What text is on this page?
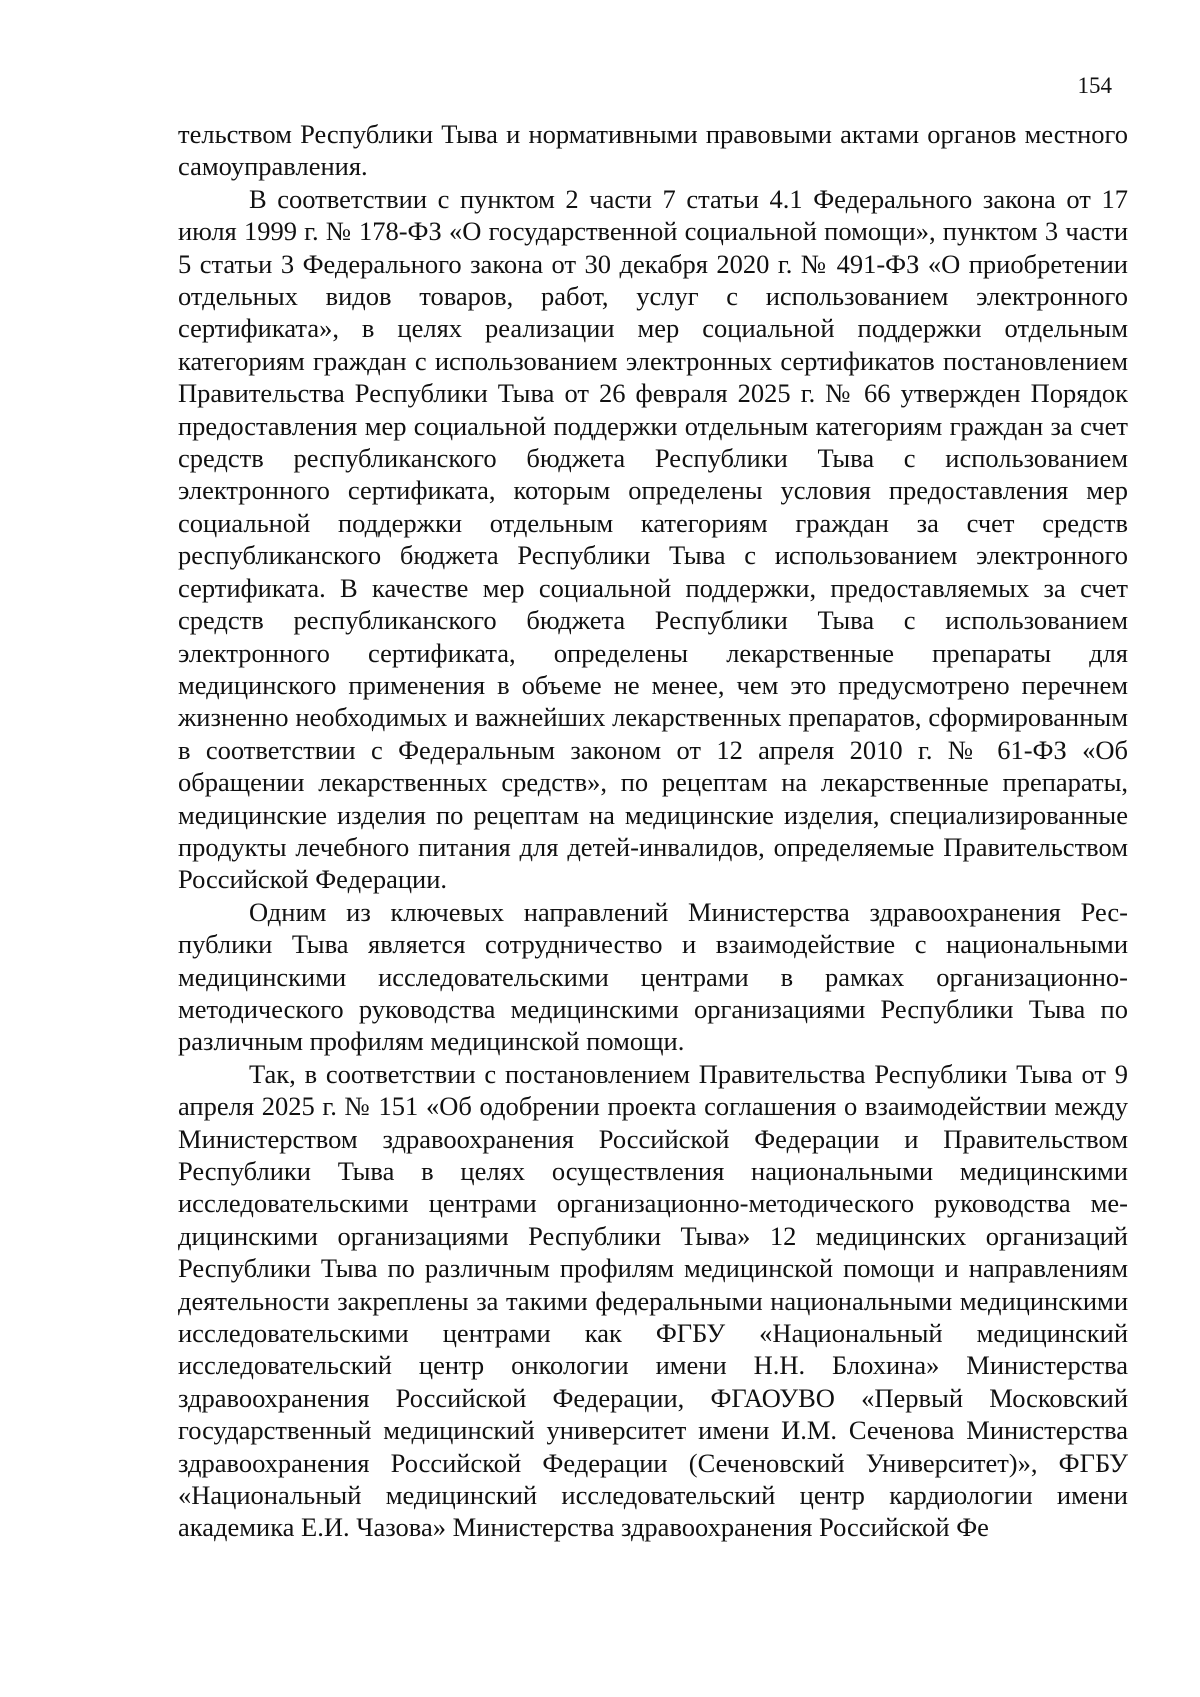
154

тельством Республики Тыва и нормативными правовыми актами органов местного самоуправления.

В соответствии с пунктом 2 части 7 статьи 4.1 Федерального закона от 17 июля 1999 г. № 178-ФЗ «О государственной социальной помощи», пунктом 3 части 5 статьи 3 Федерального закона от 30 декабря 2020 г. № 491-ФЗ «О приобретении отдельных видов товаров, работ, услуг с использованием электронного сертификата», в целях реализации мер социальной поддержки отдельным категориям граждан с использованием электронных сертификатов постановлением Правительства Республики Тыва от 26 февраля 2025 г. № 66 утвержден Порядок предоставления мер социальной поддержки отдельным категориям граждан за счет средств республиканского бюджета Республики Тыва с использованием электронного сертификата, которым определены условия предоставления мер социальной поддержки отдельным категориям граждан за счет средств республиканского бюджета Республики Тыва с использованием электронного сертификата. В качестве мер социальной поддержки, предоставляемых за счет средств республиканского бюджета Республики Тыва с использованием электронного сертификата, определены лекарственные препараты для медицинского применения в объеме не менее, чем это предусмотрено перечнем жизненно необходимых и важнейших лекарственных препаратов, сформированным в соответствии с Федеральным законом от 12 апреля 2010 г. № 61-ФЗ «Об обращении лекарственных средств», по рецептам на лекарственные препараты, медицинские изделия по рецептам на медицинские изделия, специализированные продукты лечебного питания для детей-инвалидов, определяемые Правительством Российской Федерации.

Одним из ключевых направлений Министерства здравоохранения Республики Тыва является сотрудничество и взаимодействие с национальными медицинскими исследовательскими центрами в рамках организационно-методического руководства медицинскими организациями Республики Тыва по различным профилям медицинской помощи.

Так, в соответствии с постановлением Правительства Республики Тыва от 9 апреля 2025 г. № 151 «Об одобрении проекта соглашения о взаимодействии между Министерством здравоохранения Российской Федерации и Правительством Республики Тыва в целях осуществления национальными медицинскими исследовательскими центрами организационно-методического руководства медицинскими организациями Республики Тыва» 12 медицинских организаций Республики Тыва по различным профилям медицинской помощи и направлениям деятельности закреплены за такими федеральными национальными медицинскими исследовательскими центрами как ФГБУ «Национальный медицинский исследовательский центр онкологии имени Н.Н. Блохина» Министерства здравоохранения Российской Федерации, ФГАОУВО «Первый Московский государственный медицинский университет имени И.М. Сеченова Министерства здравоохранения Российской Федерации (Сеченовский Университет)», ФГБУ «Национальный медицинский исследовательский центр кардиологии имени академика Е.И. Чазова» Министерства здравоохранения Российской Фе
